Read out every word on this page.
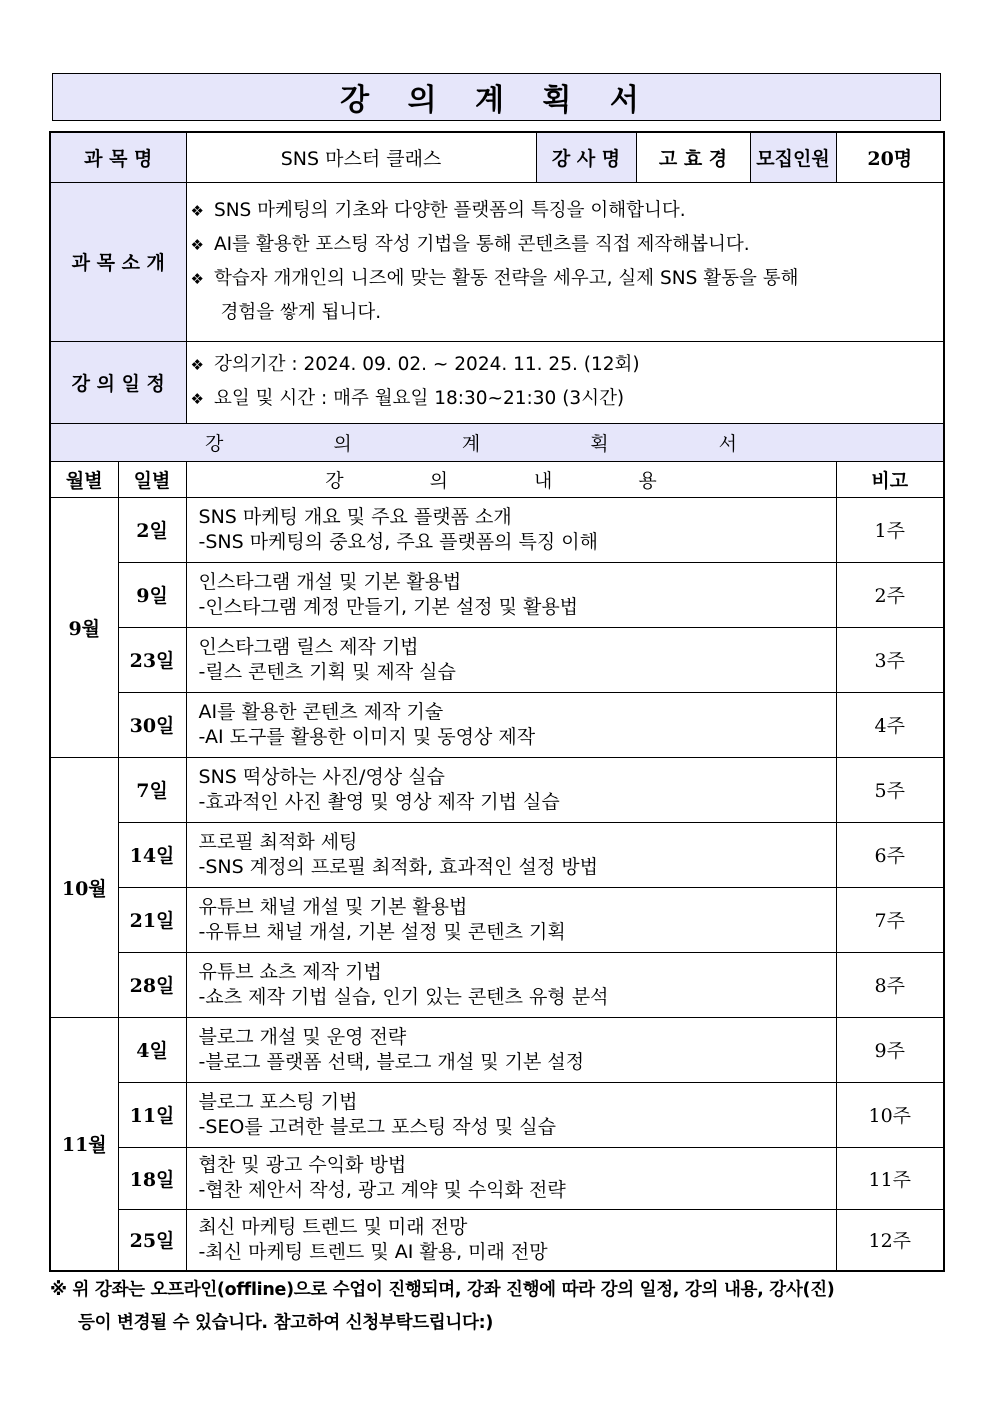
강 의 계 획 서
과 목 명		SNS 마스터 클래스	강 사 명	고 효 경	모집인원	20명
과 목 소 개		❖ SNS 마케팅의 기초와 다양한 플랫폼의 특징을 이해합니다.
❖ AI를 활용한 포스팅 작성 기법을 통해 콘텐츠를 직접 제작해봅니다.
❖ 학습자 개개인의 니즈에 맞는 활동 전략을 세우고, 실제 SNS 활동을 통해
경험을 쌓게 됩니다.				

강 의 일 정		❖ 강의기간 : 2024. 09. 02. ~ 2024. 11. 25. (12회)
❖ 요일 및 시간 : 매주 월요일 18:30~21:30 (3시간)				

강 의 계 획 서						
월별	일별	강 의 내 용				비고
9월	2일	SNS 마케팅 개요 및 주요 플랫폼 소개
-SNS 마케팅의 중요성, 주요 플랫폼의 특징 이해				1주
	9일	인스타그램 개설 및 기본 활용법
-인스타그램 계정 만들기, 기본 설정 및 활용법				2주
	23일	인스타그램 릴스 제작 기법
-릴스 콘텐츠 기획 및 제작 실습				3주
	30일	AI를 활용한 콘텐츠 제작 기술
-AI 도구를 활용한 이미지 및 동영상 제작				4주
10월	7일	SNS 떡상하는 사진/영상 실습
-효과적인 사진 촬영 및 영상 제작 기법 실습				5주
	14일	프로필 최적화 세팅
-SNS 계정의 프로필 최적화, 효과적인 설정 방법				6주
	21일	유튜브 채널 개설 및 기본 활용법
-유튜브 채널 개설, 기본 설정 및 콘텐츠 기획				7주
	28일	유튜브 쇼츠 제작 기법
-쇼츠 제작 기법 실습, 인기 있는 콘텐츠 유형 분석				8주
11월	4일	블로그 개설 및 운영 전략
-블로그 플랫폼 선택, 블로그 개설 및 기본 설정				9주
	11일	블로그 포스팅 기법
-SEO를 고려한 블로그 포스팅 작성 및 실습				10주
	18일	협찬 및 광고 수익화 방법
-협찬 제안서 작성, 광고 계약 및 수익화 전략				11주
	25일	최신 마케팅 트렌드 및 미래 전망
-최신 마케팅 트렌드 및 AI 활용, 미래 전망				12주
※ 위 강좌는 오프라인(offline)으로 수업이 진행되며, 강좌 진행에 따라 강의 일정, 강의 내용, 강사(진)
등이 변경될 수 있습니다. 참고하여 신청부탁드립니다:)
